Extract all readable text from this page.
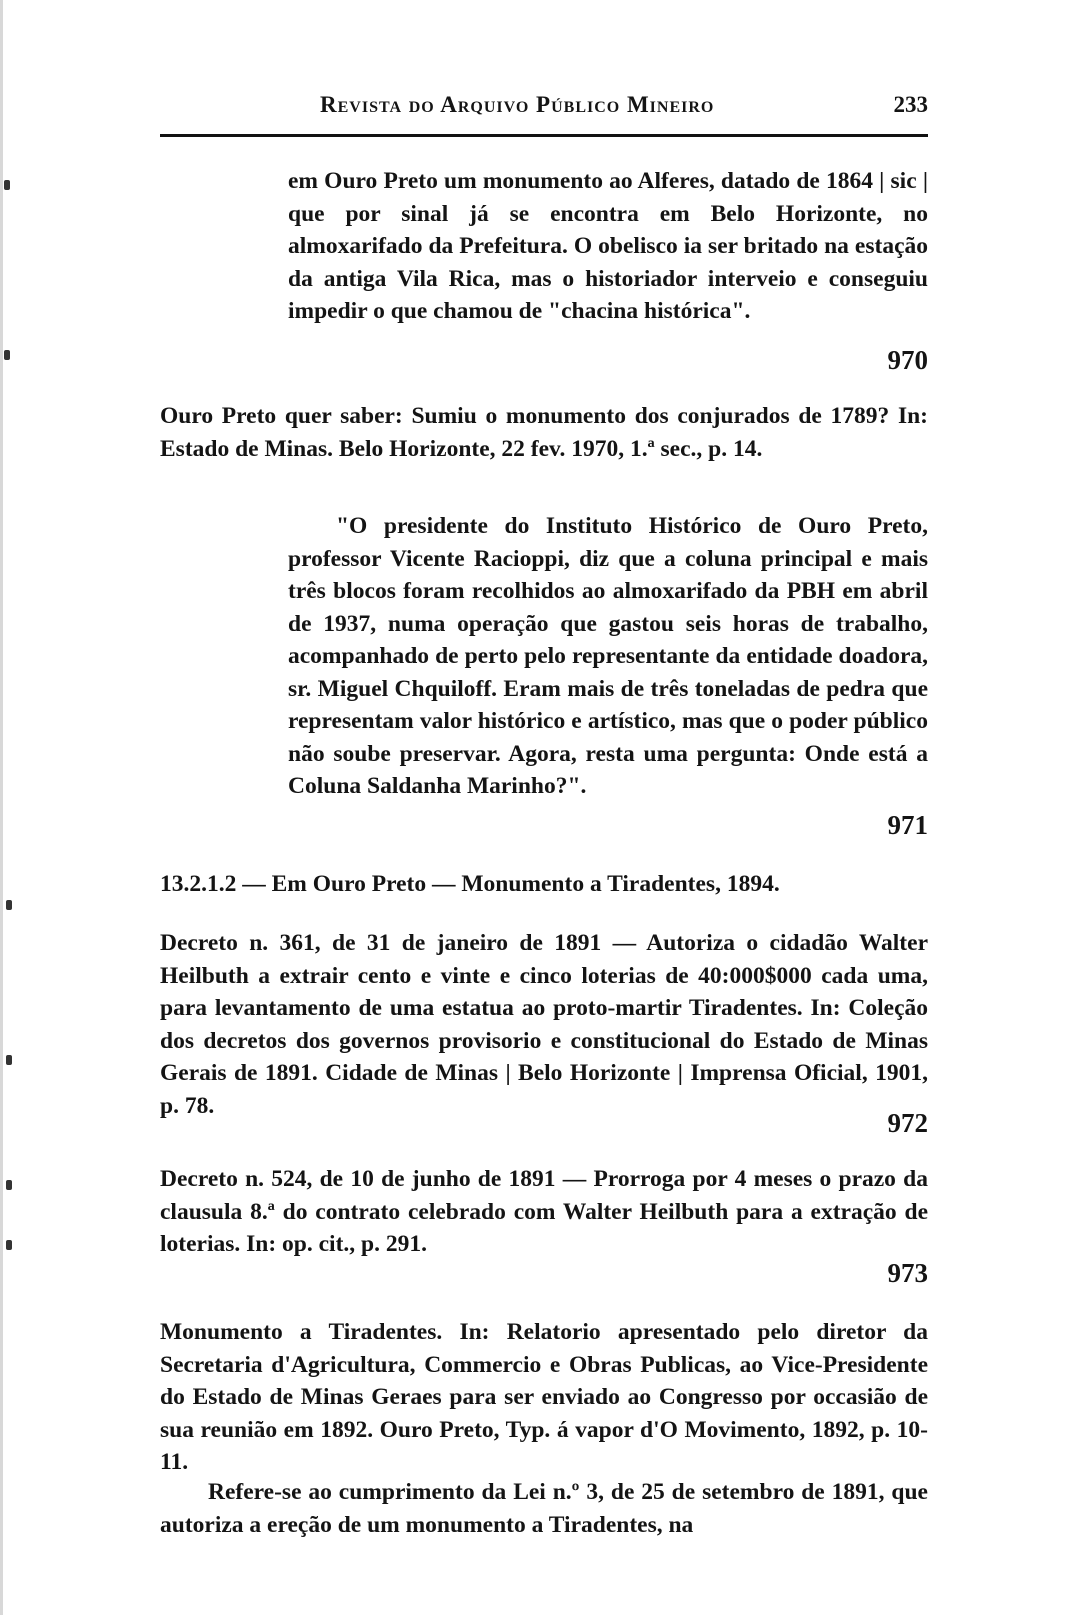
Revista do Arquivo Público Mineiro	233

em Ouro Preto um monumento ao Alferes, datado de 1864 | sic | que por sinal já se encontra em Belo Horizonte, no almoxarifado da Prefeitura. O obelisco ia ser britado na estação da antiga Vila Rica, mas o historiador interveio e conseguiu impedir o que chamou de "chacina histórica".

970

Ouro Preto quer saber: Sumiu o monumento dos conjurados de 1789? In: Estado de Minas. Belo Horizonte, 22 fev. 1970, 1.ª sec., p. 14.

"O presidente do Instituto Histórico de Ouro Preto, professor Vicente Racioppi, diz que a coluna principal e mais três blocos foram recolhidos ao almoxarifado da PBH em abril de 1937, numa operação que gastou seis horas de trabalho, acompanhado de perto pelo representante da entidade doadora, sr. Miguel Chquiloff. Eram mais de três toneladas de pedra que representam valor histórico e artístico, mas que o poder público não soube preservar. Agora, resta uma pergunta: Onde está a Coluna Saldanha Marinho?".

971

13.2.1.2 — Em Ouro Preto — Monumento a Tiradentes, 1894.

Decreto n. 361, de 31 de janeiro de 1891 — Autoriza o cidadão Walter Heilbuth a extrair cento e vinte e cinco loterias de 40:000$000 cada uma, para levantamento de uma estatua ao proto-martir Tiradentes. In: Coleção dos decretos dos governos provisorio e constitucional do Estado de Minas Gerais de 1891. Cidade de Minas | Belo Horizonte | Imprensa Oficial, 1901, p. 78.

972

Decreto n. 524, de 10 de junho de 1891 — Prorroga por 4 meses o prazo da clausula 8.ª do contrato celebrado com Walter Heilbuth para a extração de loterias. In: op. cit., p. 291.

973

Monumento a Tiradentes. In: Relatorio apresentado pelo diretor da Secretaria d'Agricultura, Commercio e Obras Publicas, ao Vice-Presidente do Estado de Minas Geraes para ser enviado ao Congresso por occasião de sua reunião em 1892. Ouro Preto, Typ. á vapor d'O Movimento, 1892, p. 10-11.

Refere-se ao cumprimento da Lei n.º 3, de 25 de setembro de 1891, que autoriza a ereção de um monumento a Tiradentes, na
